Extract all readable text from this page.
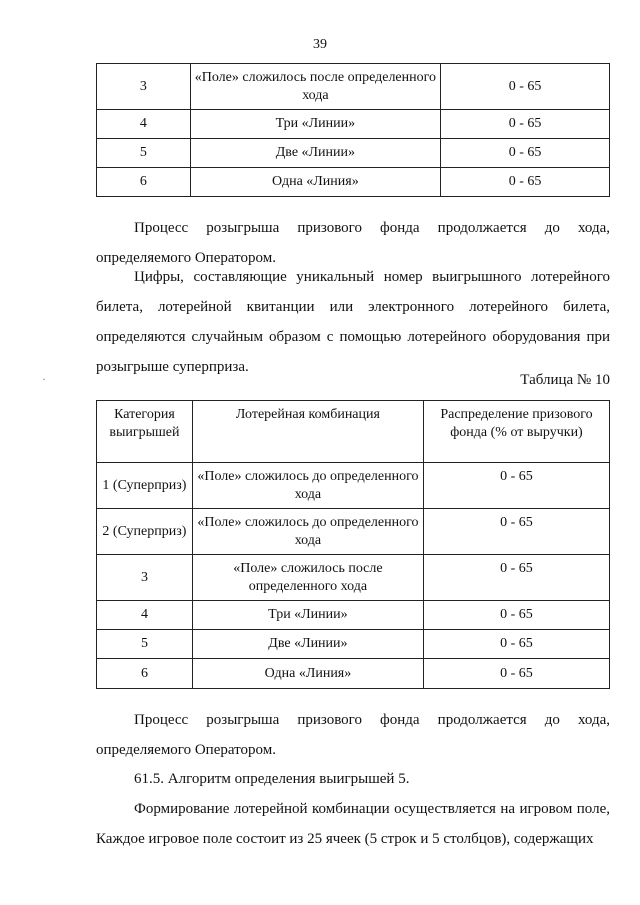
39
3	«Поле» сложилось после определенного хода	0 - 65
4	Три «Линии»	0 - 65
5	Две «Линии»	0 - 65
6	Одна «Линия»	0 - 65

Процесс розыгрыша призового фонда продолжается до хода, определяемого Оператором.

Цифры, составляющие уникальный номер выигрышного лотерейного билета, лотерейной квитанции или электронного лотерейного билета, определяются случайным образом с помощью лотерейного оборудования при розыгрыше суперприза.

·	Таблица № 10
Категория выигрышей	Лотерейная комбинация	Распределение призового фонда (% от выручки)
1 (Суперприз)	«Поле» сложилось до определенного хода	0 - 65
2 (Суперприз)	«Поле» сложилось до определенного хода	0 - 65
3	«Поле» сложилось после определенного хода	0 - 65
4	Три «Линии»	0 - 65
5	Две «Линии»	0 - 65
6	Одна «Линия»	0 - 65

Процесс розыгрыша призового фонда продолжается до хода, определяемого Оператором.

61.5. Алгоритм определения выигрышей 5.

Формирование лотерейной комбинации осуществляется на игровом поле, Каждое игровое поле состоит из 25 ячеек (5 строк и 5 столбцов), содержащих
